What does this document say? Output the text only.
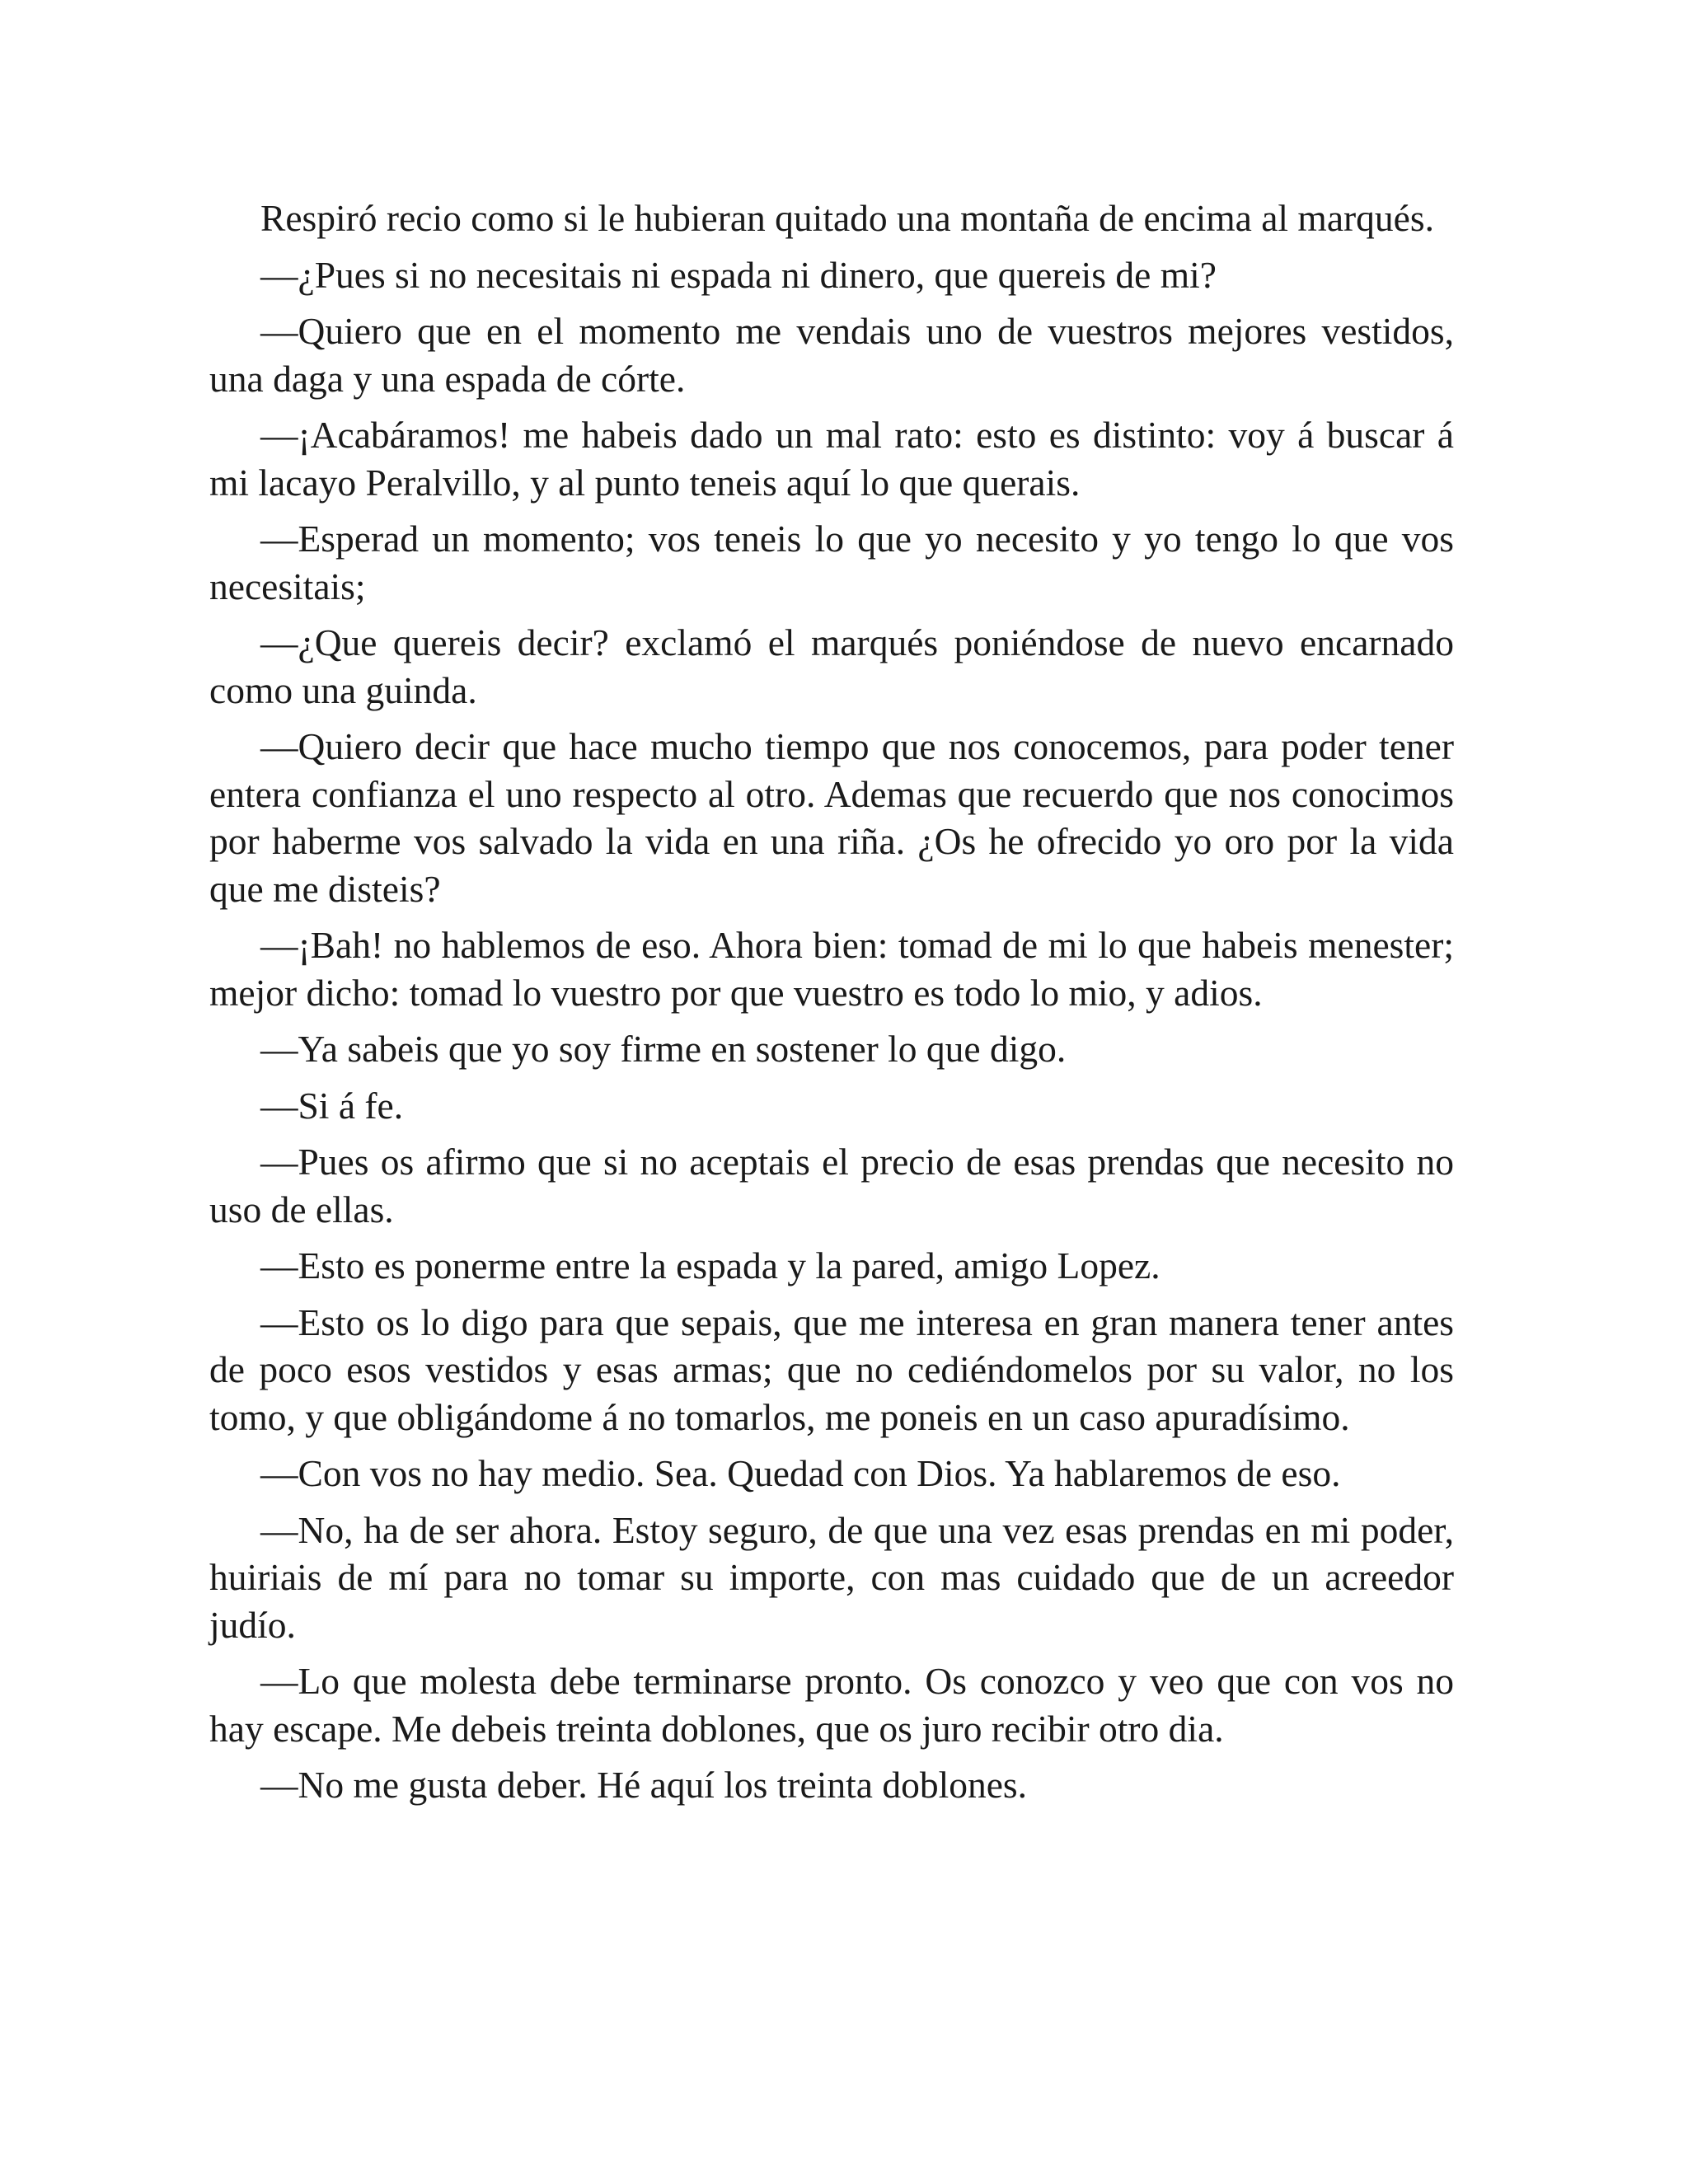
Respiró recio como si le hubieran quitado una montaña de encima al marqués.

—¿Pues si no necesitais ni espada ni dinero, que quereis de mi?

—Quiero que en el momento me vendais uno de vuestros mejores vestidos, una daga y una espada de córte.

—¡Acabáramos! me habeis dado un mal rato: esto es distinto: voy á buscar á mi lacayo Peralvillo, y al punto teneis aquí lo que querais.

—Esperad un momento; vos teneis lo que yo necesito y yo tengo lo que vos necesitais;

—¿Que quereis decir? exclamó el marqués poniéndose de nuevo encarnado como una guinda.

—Quiero decir que hace mucho tiempo que nos conocemos, para poder tener entera confianza el uno respecto al otro. Ademas que recuerdo que nos conocimos por haberme vos salvado la vida en una riña. ¿Os he ofrecido yo oro por la vida que me disteis?

—¡Bah! no hablemos de eso. Ahora bien: tomad de mi lo que habeis menester; mejor dicho: tomad lo vuestro por que vuestro es todo lo mio, y adios.

—Ya sabeis que yo soy firme en sostener lo que digo.

—Si á fe.

—Pues os afirmo que si no aceptais el precio de esas prendas que necesito no uso de ellas.

—Esto es ponerme entre la espada y la pared, amigo Lopez.

—Esto os lo digo para que sepais, que me interesa en gran manera tener antes de poco esos vestidos y esas armas; que no cediéndomelos por su valor, no los tomo, y que obligándome á no tomarlos, me poneis en un caso apuradísimo.

—Con vos no hay medio. Sea. Quedad con Dios. Ya hablaremos de eso.

—No, ha de ser ahora. Estoy seguro, de que una vez esas prendas en mi poder, huiriais de mí para no tomar su importe, con mas cuidado que de un acreedor judío.

—Lo que molesta debe terminarse pronto. Os conozco y veo que con vos no hay escape. Me debeis treinta doblones, que os juro recibir otro dia.

—No me gusta deber. Hé aquí los treinta doblones.
